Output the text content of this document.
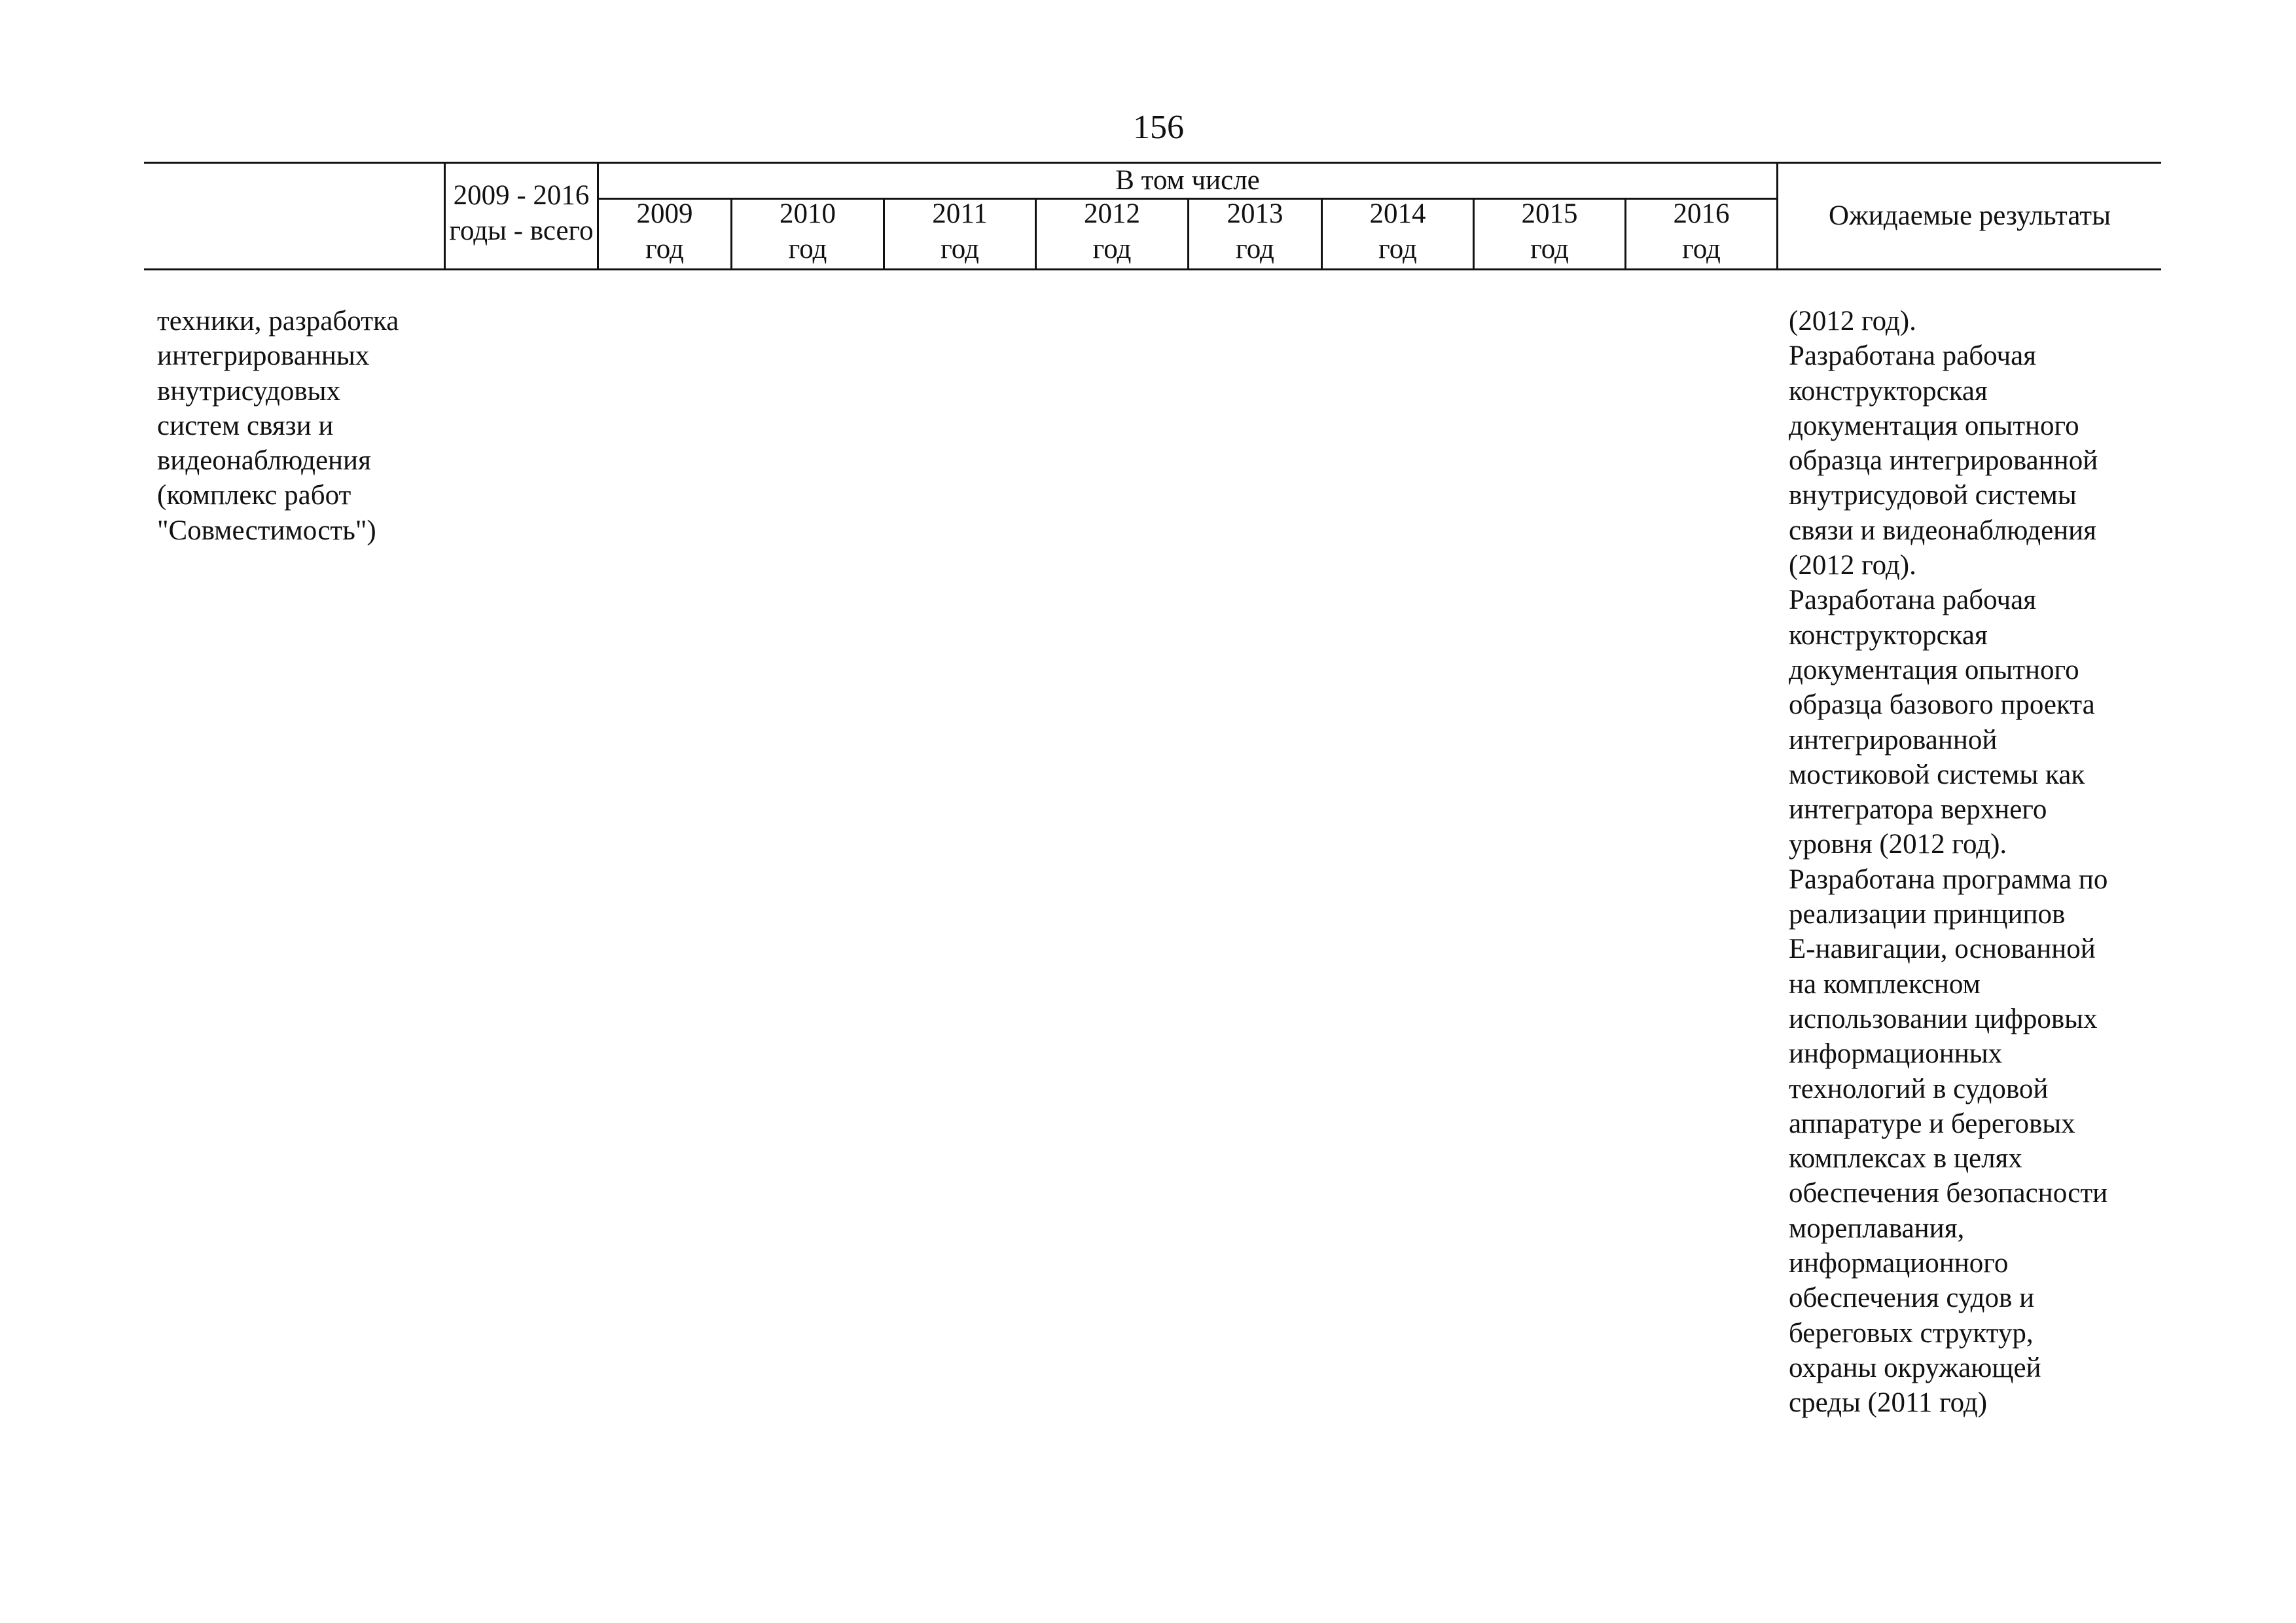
156
2009 - 2016
годы - всего
В том числе
2009
год
2010
год
2011
год
2012
год
2013
год
2014
год
2015
год
2016
год
Ожидаемые результаты
техники, разработка
интегрированных
внутрисудовых
систем связи и
видеонаблюдения
(комплекс работ
"Совместимость")
(2012 год).
Разработана рабочая
конструкторская
документация опытного
образца интегрированной
внутрисудовой системы
связи и видеонаблюдения
(2012 год).
Разработана рабочая
конструкторская
документация опытного
образца базового проекта
интегрированной
мостиковой системы как
интегратора верхнего
уровня (2012 год).
Разработана программа по
реализации принципов
Е-навигации, основанной
на комплексном
использовании цифровых
информационных
технологий в судовой
аппаратуре и береговых
комплексах в целях
обеспечения безопасности
мореплавания,
информационного
обеспечения судов и
береговых структур,
охраны окружающей
среды (2011 год)
